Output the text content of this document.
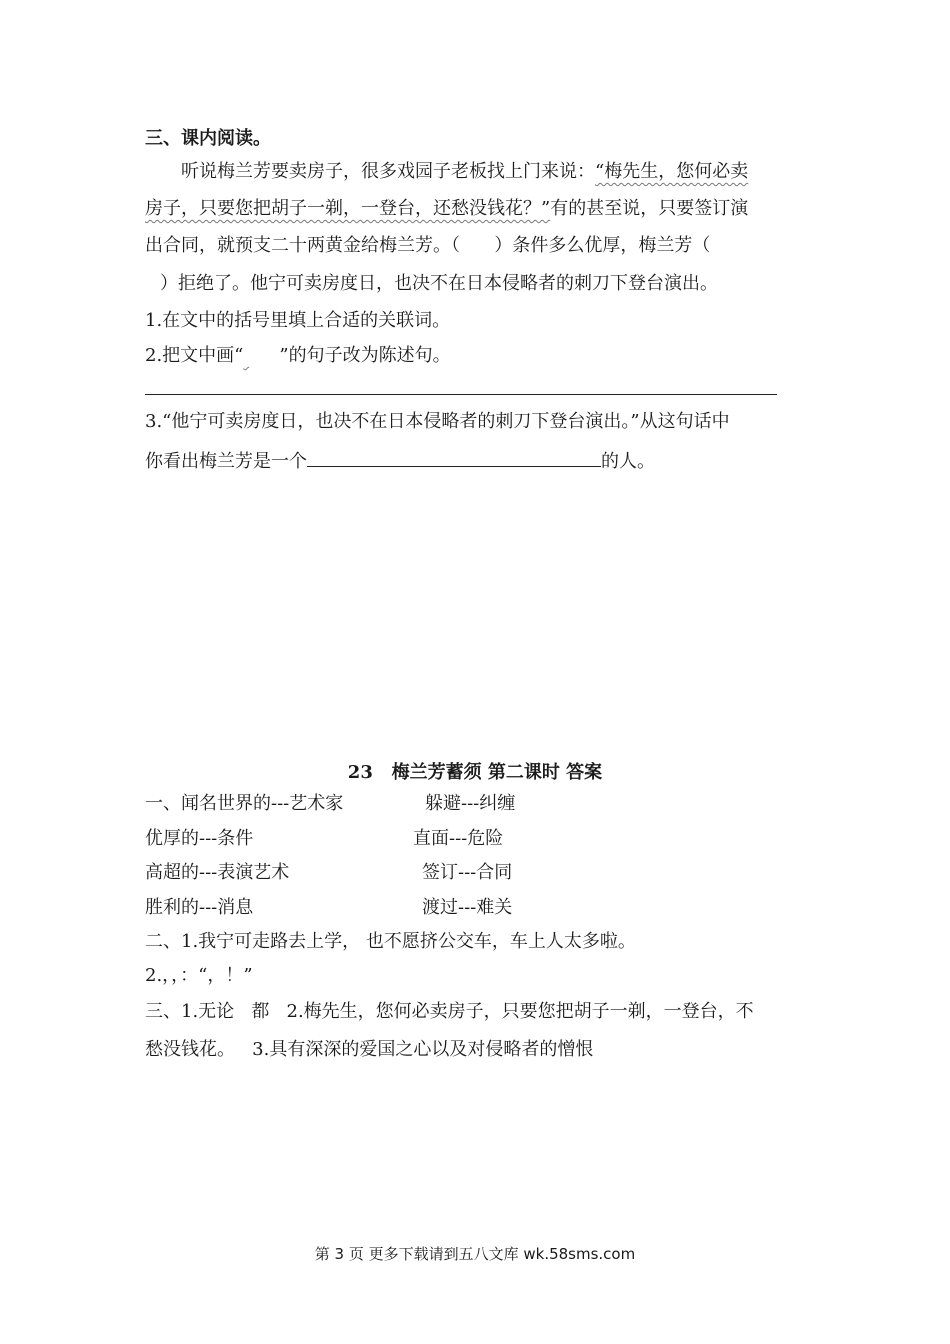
三、课内阅读。
听说梅兰芳要卖房子，很多戏园子老板找上门来说：“梅先生，您何必卖
房子，只要您把胡子一剃，一登台，还愁没钱花？”有的甚至说，只要签订演
出合同，就预支二十两黄金给梅兰芳。（      ）条件多么优厚，梅兰芳（
）拒绝了。他宁可卖房度日，也决不在日本侵略者的刺刀下登台演出。
1.在文中的括号里填上合适的关联词。
2.把文中画“ ”的句子改为陈述句。
3.“他宁可卖房度日，也决不在日本侵略者的刺刀下登台演出。”从这句话中
你看出梅兰芳是一个	的人。
23   梅兰芳蓄须 第二课时 答案
一、闻名世界的---艺术家	躲避---纠缠
优厚的---条件	直面---危险
高超的---表演艺术	签订---合同
胜利的---消息	渡过---难关
二、1.我宁可走路去上学， 也不愿挤公交车，车上人太多啦。
2.，，：“，！”
三、1.无论   都   2.梅先生，您何必卖房子，只要您把胡子一剃，一登台，不
愁没钱花。   3.具有深深的爱国之心以及对侵略者的憎恨
第 3 页 更多下载请到五八文库 wk.58sms.com
